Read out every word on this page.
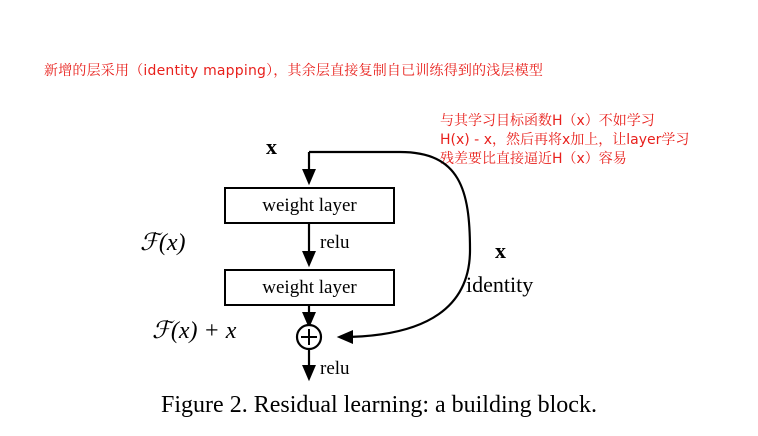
新增的层采用（identity mapping），其余层直接复制自已训练得到的浅层模型
与其学习目标函数H（x）不如学习
H(x) - x，然后再将x加上，让layer学习
残差要比直接逼近H（x）容易
x
weight layer
relu
weight layer
relu
ℱ(x)
ℱ(x) + x
x
identity
Figure 2. Residual learning: a building block.
